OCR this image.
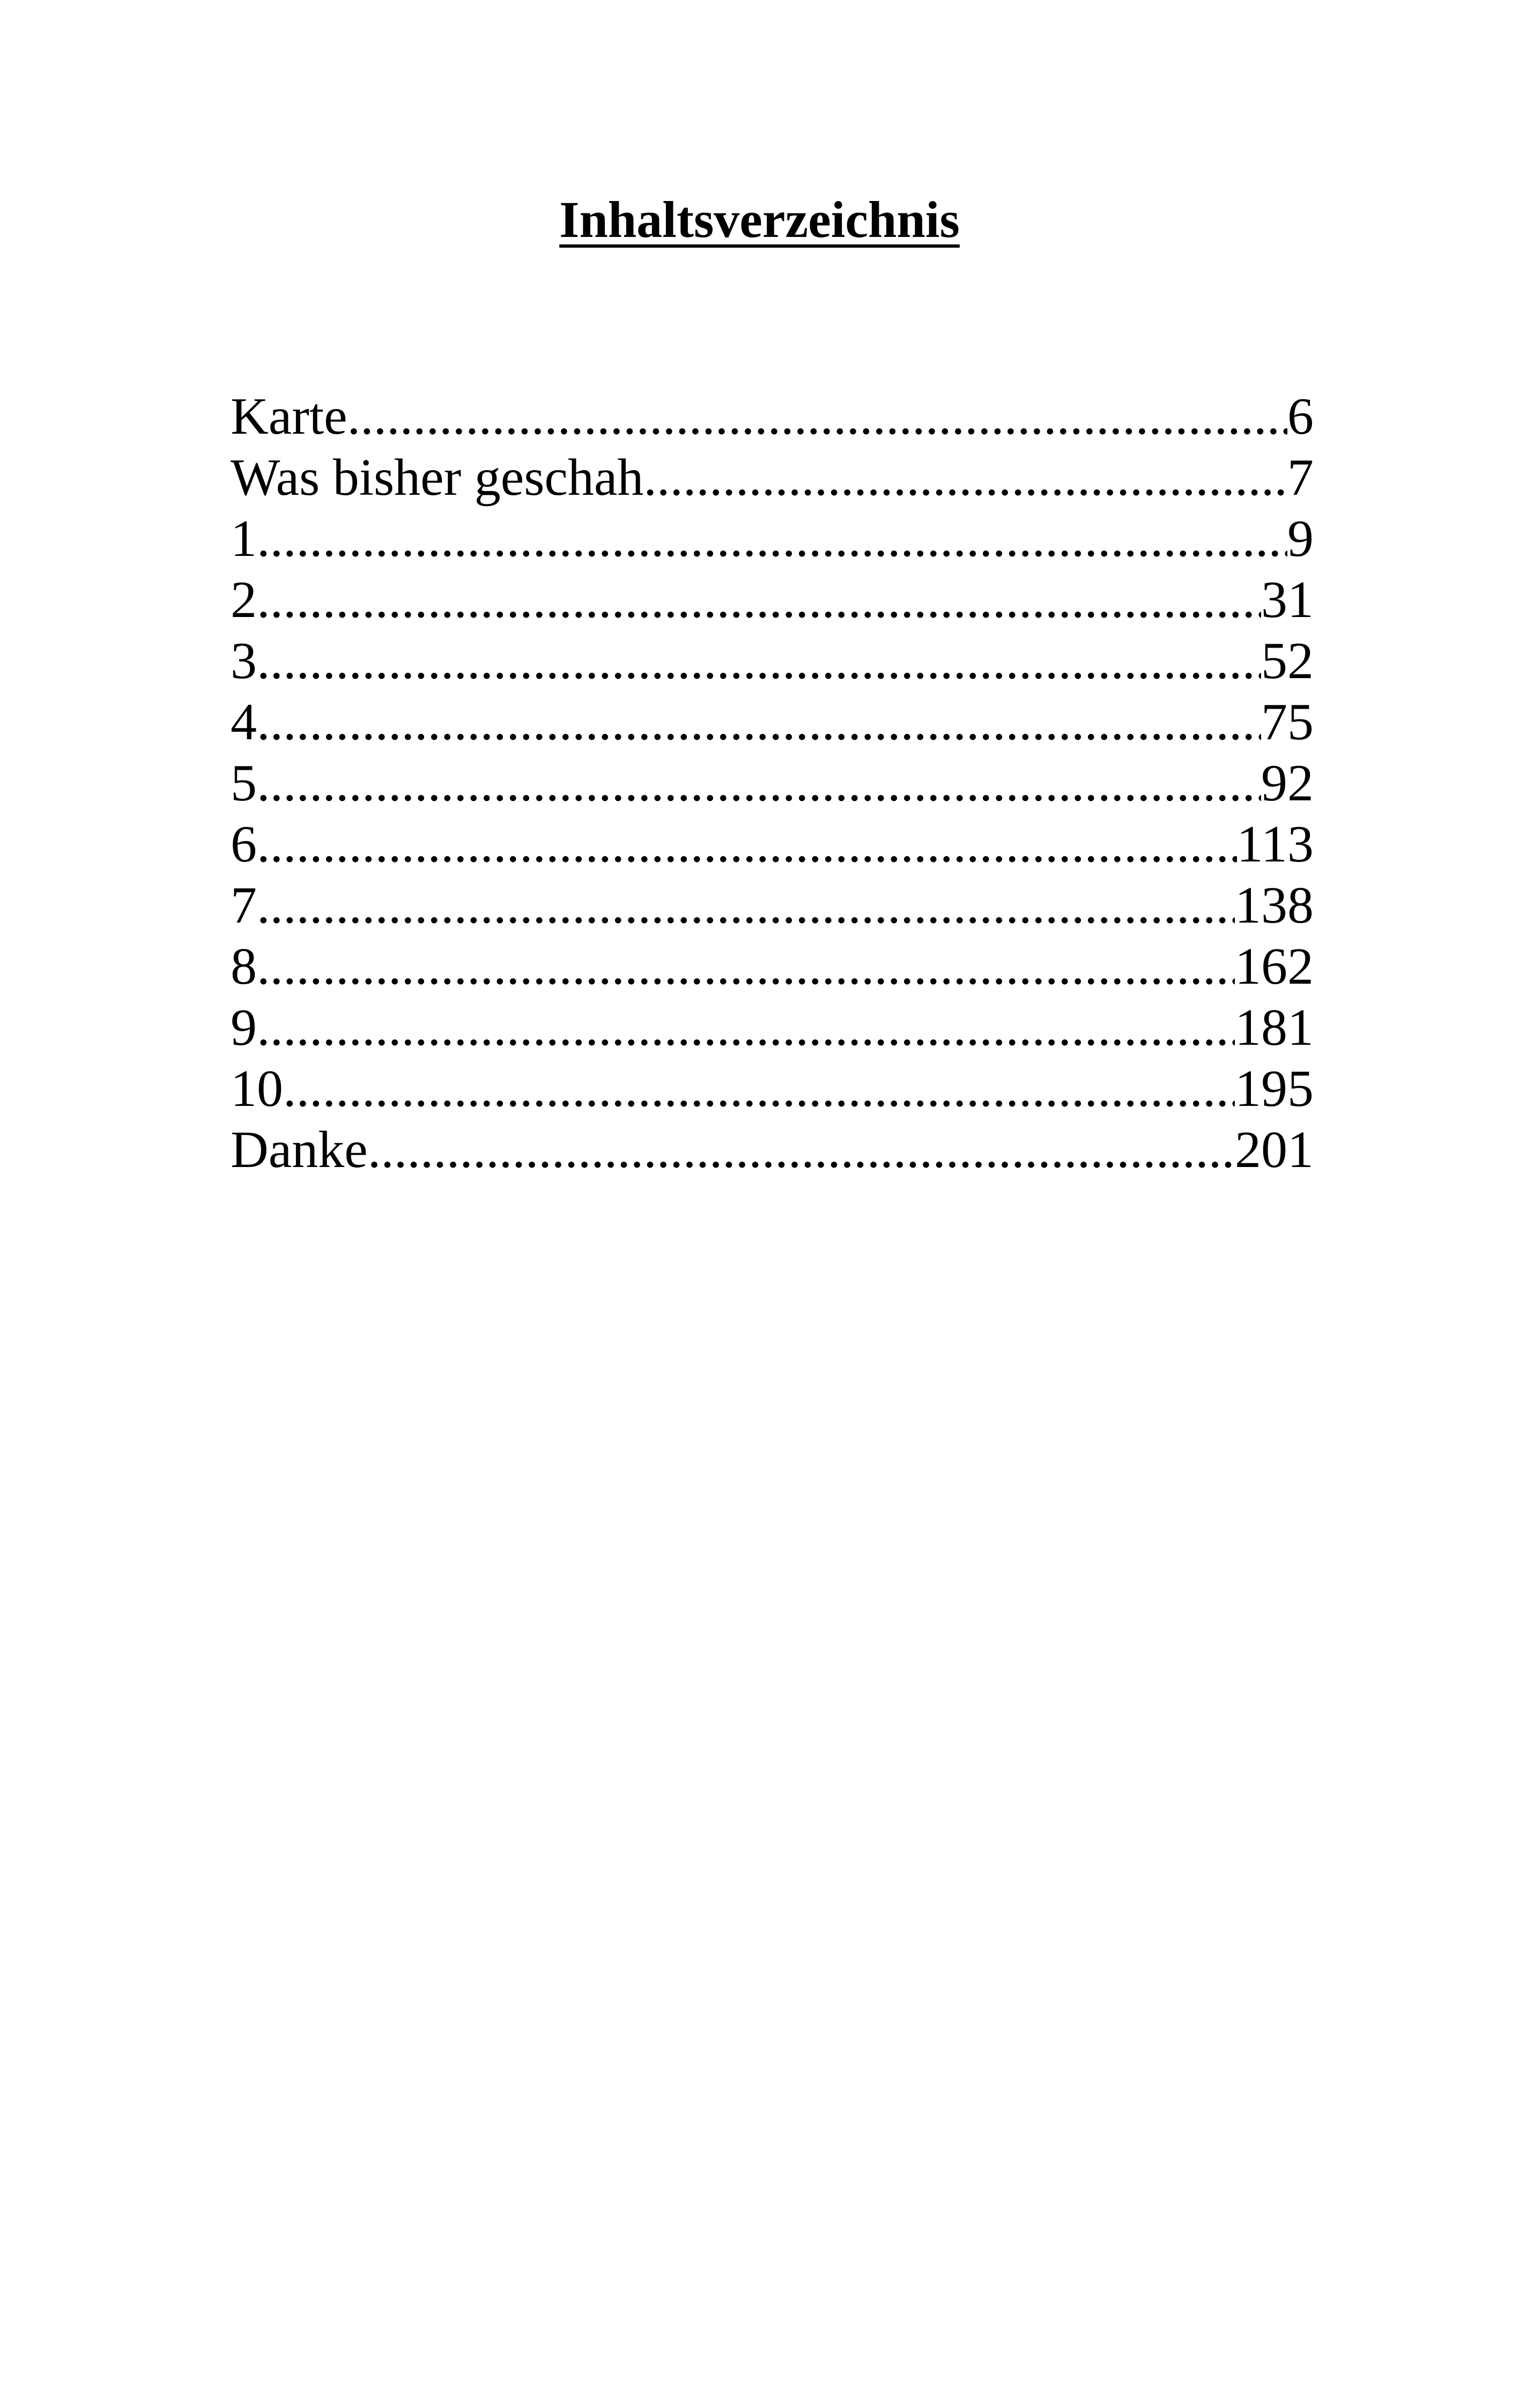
Inhaltsverzeichnis
Karte .....	6
Was bisher geschah .....	7
1 .....	9
2 .....	31
3 .....	52
4 .....	75
5 .....	92
6 .....	113
7 .....	138
8 .....	162
9 .....	181
10 .....	195
Danke .....	201
